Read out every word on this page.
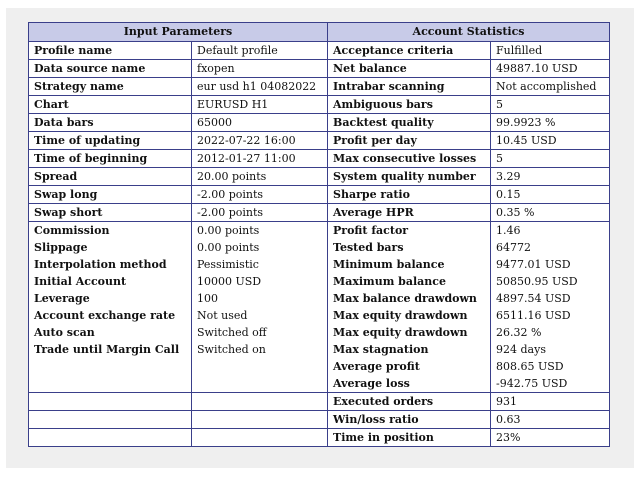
Input Parameters		Account Statistics	
Profile name	Default profile	Acceptance criteria	Fulfilled
Data source name	fxopen	Net balance	49887.10 USD
Strategy name	eur usd h1 04082022	Intrabar scanning	Not accomplished
Chart	EURUSD H1	Ambiguous bars	5
Data bars	65000	Backtest quality	99.9923 %
Time of updating	2022-07-22 16:00	Profit per day	10.45 USD
Time of beginning	2012-01-27 11:00	Max consecutive losses	5
Spread	20.00 points	System quality number	3.29
Swap long	-2.00 points	Sharpe ratio	0.15
Swap short	-2.00 points	Average HPR	0.35 %
Commission	0.00 points	Profit factor	1.46
Slippage	0.00 points	Tested bars	64772
Interpolation method	Pessimistic	Minimum balance	9477.01 USD
Initial Account	10000 USD	Maximum balance	50850.95 USD
Leverage	100	Max balance drawdown	4897.54 USD
Account exchange rate	Not used	Max equity drawdown	6511.16 USD
Auto scan	Switched off	Max equity drawdown	26.32 %
Trade until Margin Call	Switched on	Max stagnation	924 days
		Average profit	808.65 USD
		Average loss	-942.75 USD
		Executed orders	931
		Win/loss ratio	0.63
		Time in position	23%
